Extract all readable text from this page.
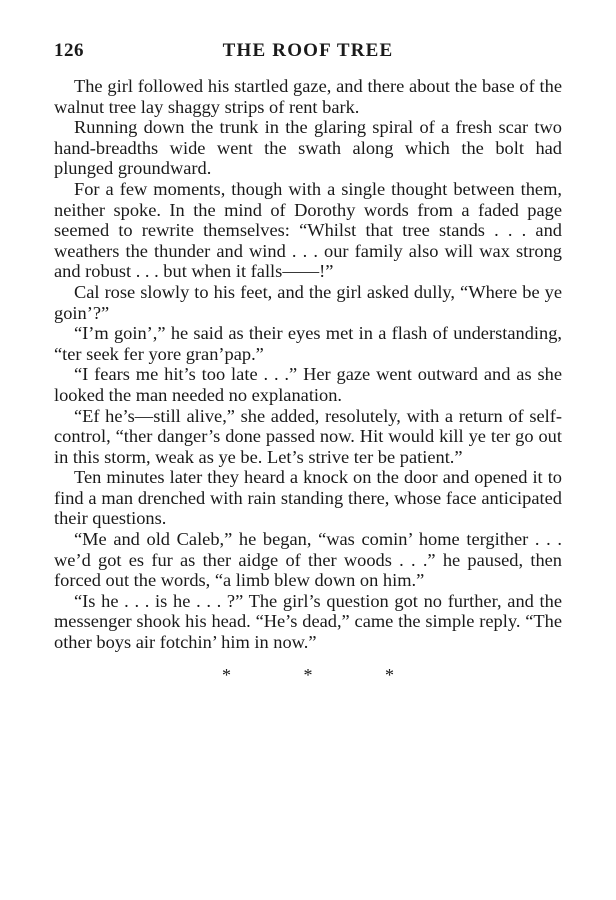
126	THE ROOF TREE

The girl followed his startled gaze, and there about the base of the walnut tree lay shaggy strips of rent bark.

Running down the trunk in the glaring spiral of a fresh scar two hand-breadths wide went the swath along which the bolt had plunged groundward.

For a few moments, though with a single thought between them, neither spoke. In the mind of Dorothy words from a faded page seemed to rewrite themselves: “Whilst that tree stands . . . and weathers the thunder and wind . . . our family also will wax strong and robust . . . but when it falls——!”

Cal rose slowly to his feet, and the girl asked dully, “Where be ye goin’?”

“I’m goin’,” he said as their eyes met in a flash of understanding, “ter seek fer yore gran’pap.”

“I fears me hit’s too late . . .” Her gaze went outward and as she looked the man needed no explanation.

“Ef he’s—still alive,” she added, resolutely, with a return of self-control, “ther danger’s done passed now. Hit would kill ye ter go out in this storm, weak as ye be. Let’s strive ter be patient.”

Ten minutes later they heard a knock on the door and opened it to find a man drenched with rain standing there, whose face anticipated their questions.

“Me and old Caleb,” he began, “was comin’ home tergither . . . we’d got es fur as ther aidge of ther woods . . .” he paused, then forced out the words, “a limb blew down on him.”

“Is he . . . is he . . . ?” The girl’s question got no further, and the messenger shook his head. “He’s dead,” came the simple reply. “The other boys air fotchin’ him in now.”

* * *
